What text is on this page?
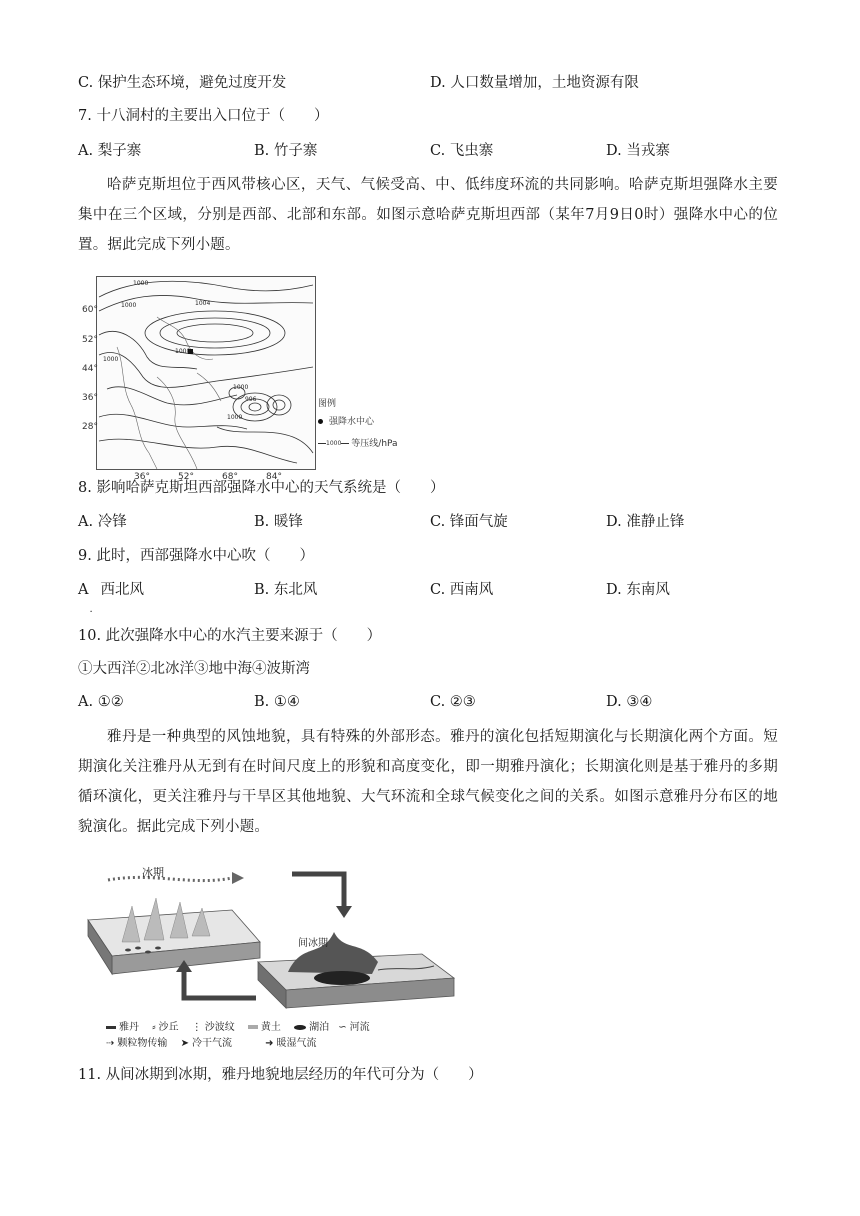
C. 保护生态环境，避免过度开发	D. 人口数量增加，土地资源有限
7. 十八洞村的主要出入口位于（　　）
A. 梨子寨	B. 竹子寨	C. 飞虫寨	D. 当戎寨
哈萨克斯坦位于西风带核心区，天气、气候受高、中、低纬度环流的共同影响。哈萨克斯坦强降水主要集中在三个区域，分别是西部、北部和东部。如图示意哈萨克斯坦西部（某年7月9日0时）强降水中心的位置。据此完成下列小题。
1000
1004
1000
1000
1000
1000
1000
996
60°
52°
44°
36°
28°
36°	52°	68°	84°
图例
强降水中心
1000 等压线/hPa
8. 影响哈萨克斯坦西部强降水中心的天气系统是（　　）
A. 冷锋	B. 暖锋	C. 锋面气旋	D. 准静止锋
9. 此时，西部强降水中心吹（　　）
A
.
西北风	B. 东北风	C. 西南风	D. 东南风
10. 此次强降水中心的水汽主要来源于（　　）
①大西洋②北冰洋③地中海④波斯湾
A. ①②	B. ①④	C. ②③	D. ③④
雅丹是一种典型的风蚀地貌，具有特殊的外部形态。雅丹的演化包括短期演化与长期演化两个方面。短期演化关注雅丹从无到有在时间尺度上的形貌和高度变化，即一期雅丹演化；长期演化则是基于雅丹的多期循环演化，更关注雅丹与干旱区其他地貌、大气环流和全球气候变化之间的关系。如图示意雅丹分布区的地貌演化。据此完成下列小题。
冰期
间冰期
雅丹 ⸗ 沙丘 ⋮ 沙波纹	黄土	湖泊 ∽ 河流
⇢ 颗粒物传输 ➤ 冷干气流	➜ 暖湿气流
11. 从间冰期到冰期，雅丹地貌地层经历的年代可分为（　　）
